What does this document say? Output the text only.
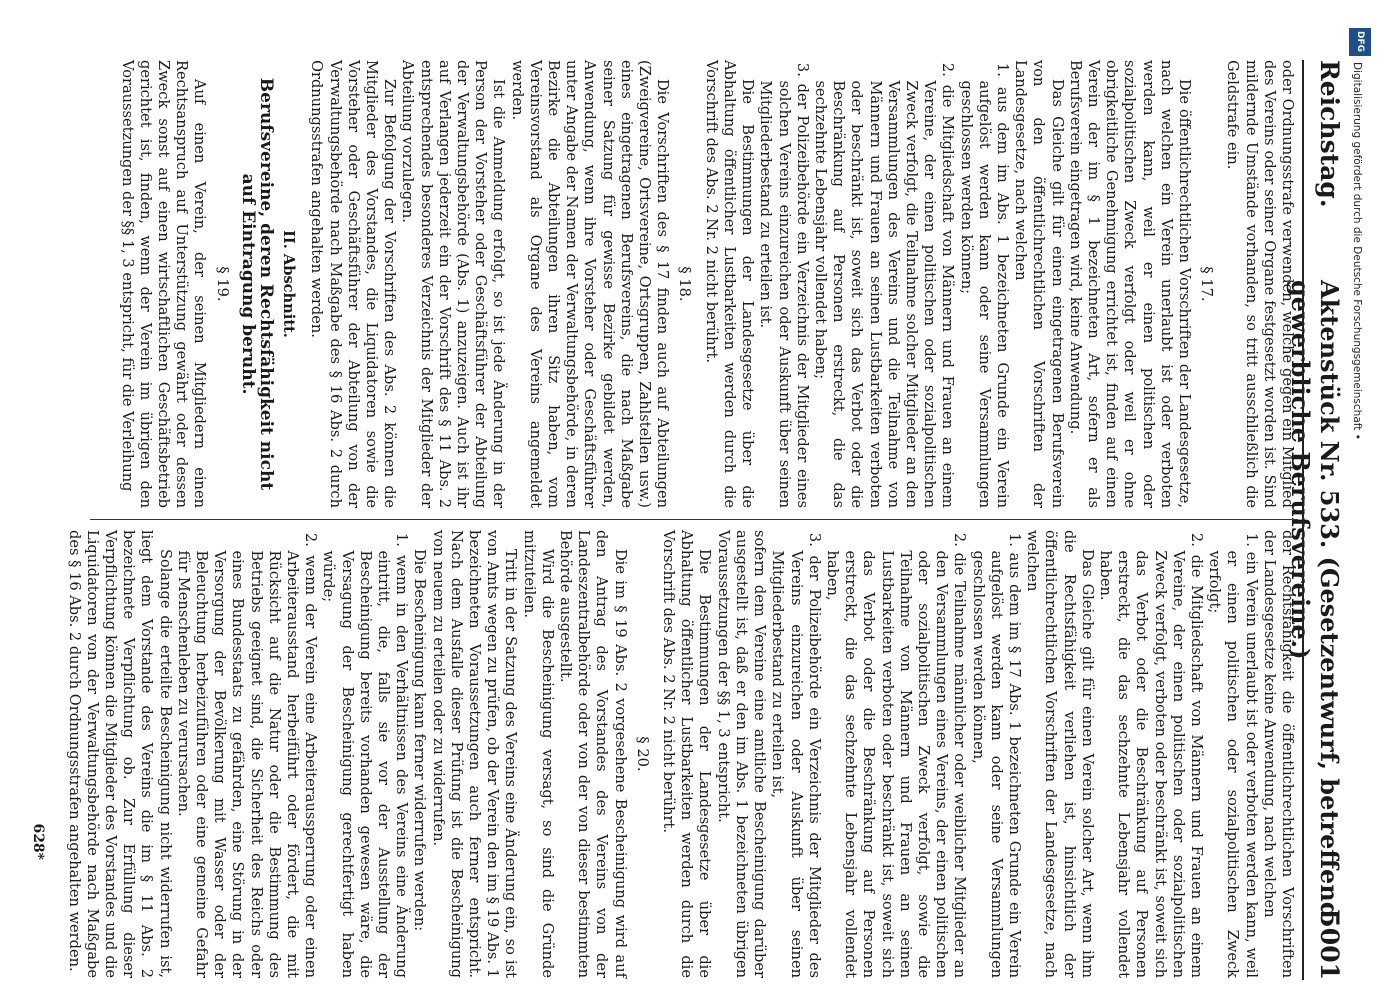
Reichstag.
Aktenstück Nr. 533. (Gesetzentwurf, betreffend gewerbliche Berufsvereine.)
5001

oder Ordnungsstrafe verwenden, welche gegen ein Mitglied des Vereins oder seiner Organe festgesetzt worden ist. Sind mildernde Umstände vorhanden, so tritt ausschließlich die Geldstrafe ein.

§ 17.

Die öffentlichrechtlichen Vorschriften der Landesgesetze, nach welchen ein Verein unerlaubt ist oder verboten werden kann, weil er einen politischen oder sozialpolitischen Zweck verfolgt oder weil er ohne obrigkeitliche Genehmigung errichtet ist, finden auf einen Verein der im § 1 bezeichneten Art, sofern er als Berufsverein eingetragen wird, keine Anwendung.

Das Gleiche gilt für einen eingetragenen Berufsverein von den öffentlichrechtlichen Vorschriften der Landesgesetze, nach welchen

1. aus dem im Abs. 1 bezeichneten Grunde ein Verein aufgelöst werden kann oder seine Versammlungen geschlossen werden können;

2. die Mitgliedschaft von Männern und Frauen an einem Vereine, der einen politischen oder sozialpolitischen Zweck verfolgt, die Teilnahme solcher Mitglieder an den Versammlungen des Vereins und die Teilnahme von Männern und Frauen an seinen Lustbarkeiten verboten oder beschränkt ist, soweit sich das Verbot oder die Beschränkung auf Personen erstreckt, die das sechzehnte Lebensjahr vollendet haben;

3. der Polizeibehörde ein Verzeichnis der Mitglieder eines solchen Vereins einzureichen oder Auskunft über seinen Mitgliederbestand zu erteilen ist.

Die Bestimmungen der Landesgesetze über die Abhaltung öffentlicher Lustbarkeiten werden durch die Vorschrift des Abs. 2 Nr. 2 nicht berührt.

§ 18.

Die Vorschriften des § 17 finden auch auf Abteilungen (Zweigvereine, Ortsvereine, Ortsgruppen, Zahlstellen usw.) eines eingetragenen Berufsvereins, die nach Maßgabe seiner Satzung für gewisse Bezirke gebildet werden, Anwendung, wenn ihre Vorsteher oder Geschäftsführer unter Angabe der Namen der Verwaltungsbehörde, in deren Bezirke die Abteilungen ihren Sitz haben, vom Vereinsvorstand als Organe des Vereins angemeldet werden.

Ist die Anmeldung erfolgt, so ist jede Änderung in der Person der Vorsteher oder Geschäftsführer der Abteilung der Verwaltungsbehörde (Abs. 1) anzuzeigen. Auch ist ihr auf Verlangen jederzeit ein der Vorschrift des § 11 Abs. 2 entsprechendes besonderes Verzeichnis der Mitglieder der Abteilung vorzulegen.

Zur Befolgung der Vorschriften des Abs. 2 können die Mitglieder des Vorstandes, die Liquidatoren sowie die Vorsteher oder Geschäftsführer der Abteilung von der Verwaltungsbehörde nach Maßgabe des § 16 Abs. 2 durch Ordnungsstrafen angehalten werden.

II. Abschnitt.

Berufsvereine, deren Rechtsfähigkeit nicht auf Eintragung beruht.

§ 19.

Auf einen Verein, der seinen Mitgliedern einen Rechtsanspruch auf Unterstützung gewährt oder dessen Zweck sonst auf einen wirtschaftlichen Geschäftsbetrieb gerichtet ist, finden, wenn der Verein im übrigen den Voraussetzungen der §§ 1, 3 entspricht, für die Verleihung

der Rechtsfähigkeit die öffentlichrechtlichen Vorschriften der Landesgesetze keine Anwendung, nach welchen

1. ein Verein unerlaubt ist oder verboten werden kann, weil er einen politischen oder sozialpolitischen Zweck verfolgt;

2. die Mitgliedschaft von Männern und Frauen an einem Vereine, der einen politischen oder sozialpolitischen Zweck verfolgt, verboten oder beschränkt ist, soweit sich das Verbot oder die Beschränkung auf Personen erstreckt, die das sechzehnte Lebensjahr vollendet haben.

Das Gleiche gilt für einen Verein solcher Art, wenn ihm die Rechtsfähigkeit verliehen ist, hinsichtlich der öffentlichrechtlichen Vorschriften der Landesgesetze, nach welchen

1. aus dem im § 17 Abs. 1 bezeichneten Grunde ein Verein aufgelöst werden kann oder seine Versammlungen geschlossen werden können,

2. die Teilnahme männlicher oder weiblicher Mitglieder an den Versammlungen eines Vereins, der einen politischen oder sozialpolitischen Zweck verfolgt, sowie die Teilnahme von Männern und Frauen an seinen Lustbarkeiten verboten oder beschränkt ist, soweit sich das Verbot oder die Beschränkung auf Personen erstreckt, die das sechzehnte Lebensjahr vollendet haben,

3. der Polizeibehörde ein Verzeichnis der Mitglieder des Vereins einzureichen oder Auskunft über seinen Mitgliederbestand zu erteilen ist,

sofern dem Vereine eine amtliche Bescheinigung darüber ausgestellt ist, daß er den im Abs. 1 bezeichneten übrigen Voraussetzungen der §§ 1, 3 entspricht.

Die Bestimmungen der Landesgesetze über die Abhaltung öffentlicher Lustbarkeiten werden durch die Vorschrift des Abs. 2 Nr. 2 nicht berührt.

§ 20.

Die im § 19 Abs. 2 vorgesehene Bescheinigung wird auf den Antrag des Vorstandes des Vereins von der Landeszentralbehörde oder von der von dieser bestimmten Behörde ausgestellt.

Wird die Bescheinigung versagt, so sind die Gründe mitzuteilen.

Tritt in der Satzung des Vereins eine Änderung ein, so ist von Amts wegen zu prüfen, ob der Verein den im § 19 Abs. 1 bezeichneten Voraussetzungen auch ferner entspricht. Nach dem Ausfalle dieser Prüfung ist die Bescheinigung von neuem zu erteilen oder zu widerrufen.

Die Bescheinigung kann ferner widerrufen werden:

1. wenn in den Verhältnissen des Vereins eine Änderung eintritt, die, falls sie vor der Ausstellung der Bescheinigung bereits vorhanden gewesen wäre, die Versagung der Bescheinigung gerechtfertigt haben würde;

2. wenn der Verein eine Arbeiteraussperrung oder einen Arbeiterausstand herbeiführt oder fördert, die mit Rücksicht auf die Natur oder die Bestimmung des Betriebs geeignet sind, die Sicherheit des Reichs oder eines Bundesstaats zu gefährden, eine Störung in der Versorgung der Bevölkerung mit Wasser oder der Beleuchtung herbeizuführen oder eine gemeine Gefahr für Menschenleben zu verursachen.

Solange die erteilte Bescheinigung nicht widerrufen ist, liegt dem Vorstande des Vereins die im § 11 Abs. 2 bezeichnete Verpflichtung ob. Zur Erfüllung dieser Verpflichtung können die Mitglieder des Vorstandes und die Liquidatoren von der Verwaltungsbehörde nach Maßgabe des § 16 Abs. 2 durch Ordnungsstrafen angehalten werden.

628*
DFG
Digitalisierung gefördert durch die Deutsche Forschungsgemeinschaft •
